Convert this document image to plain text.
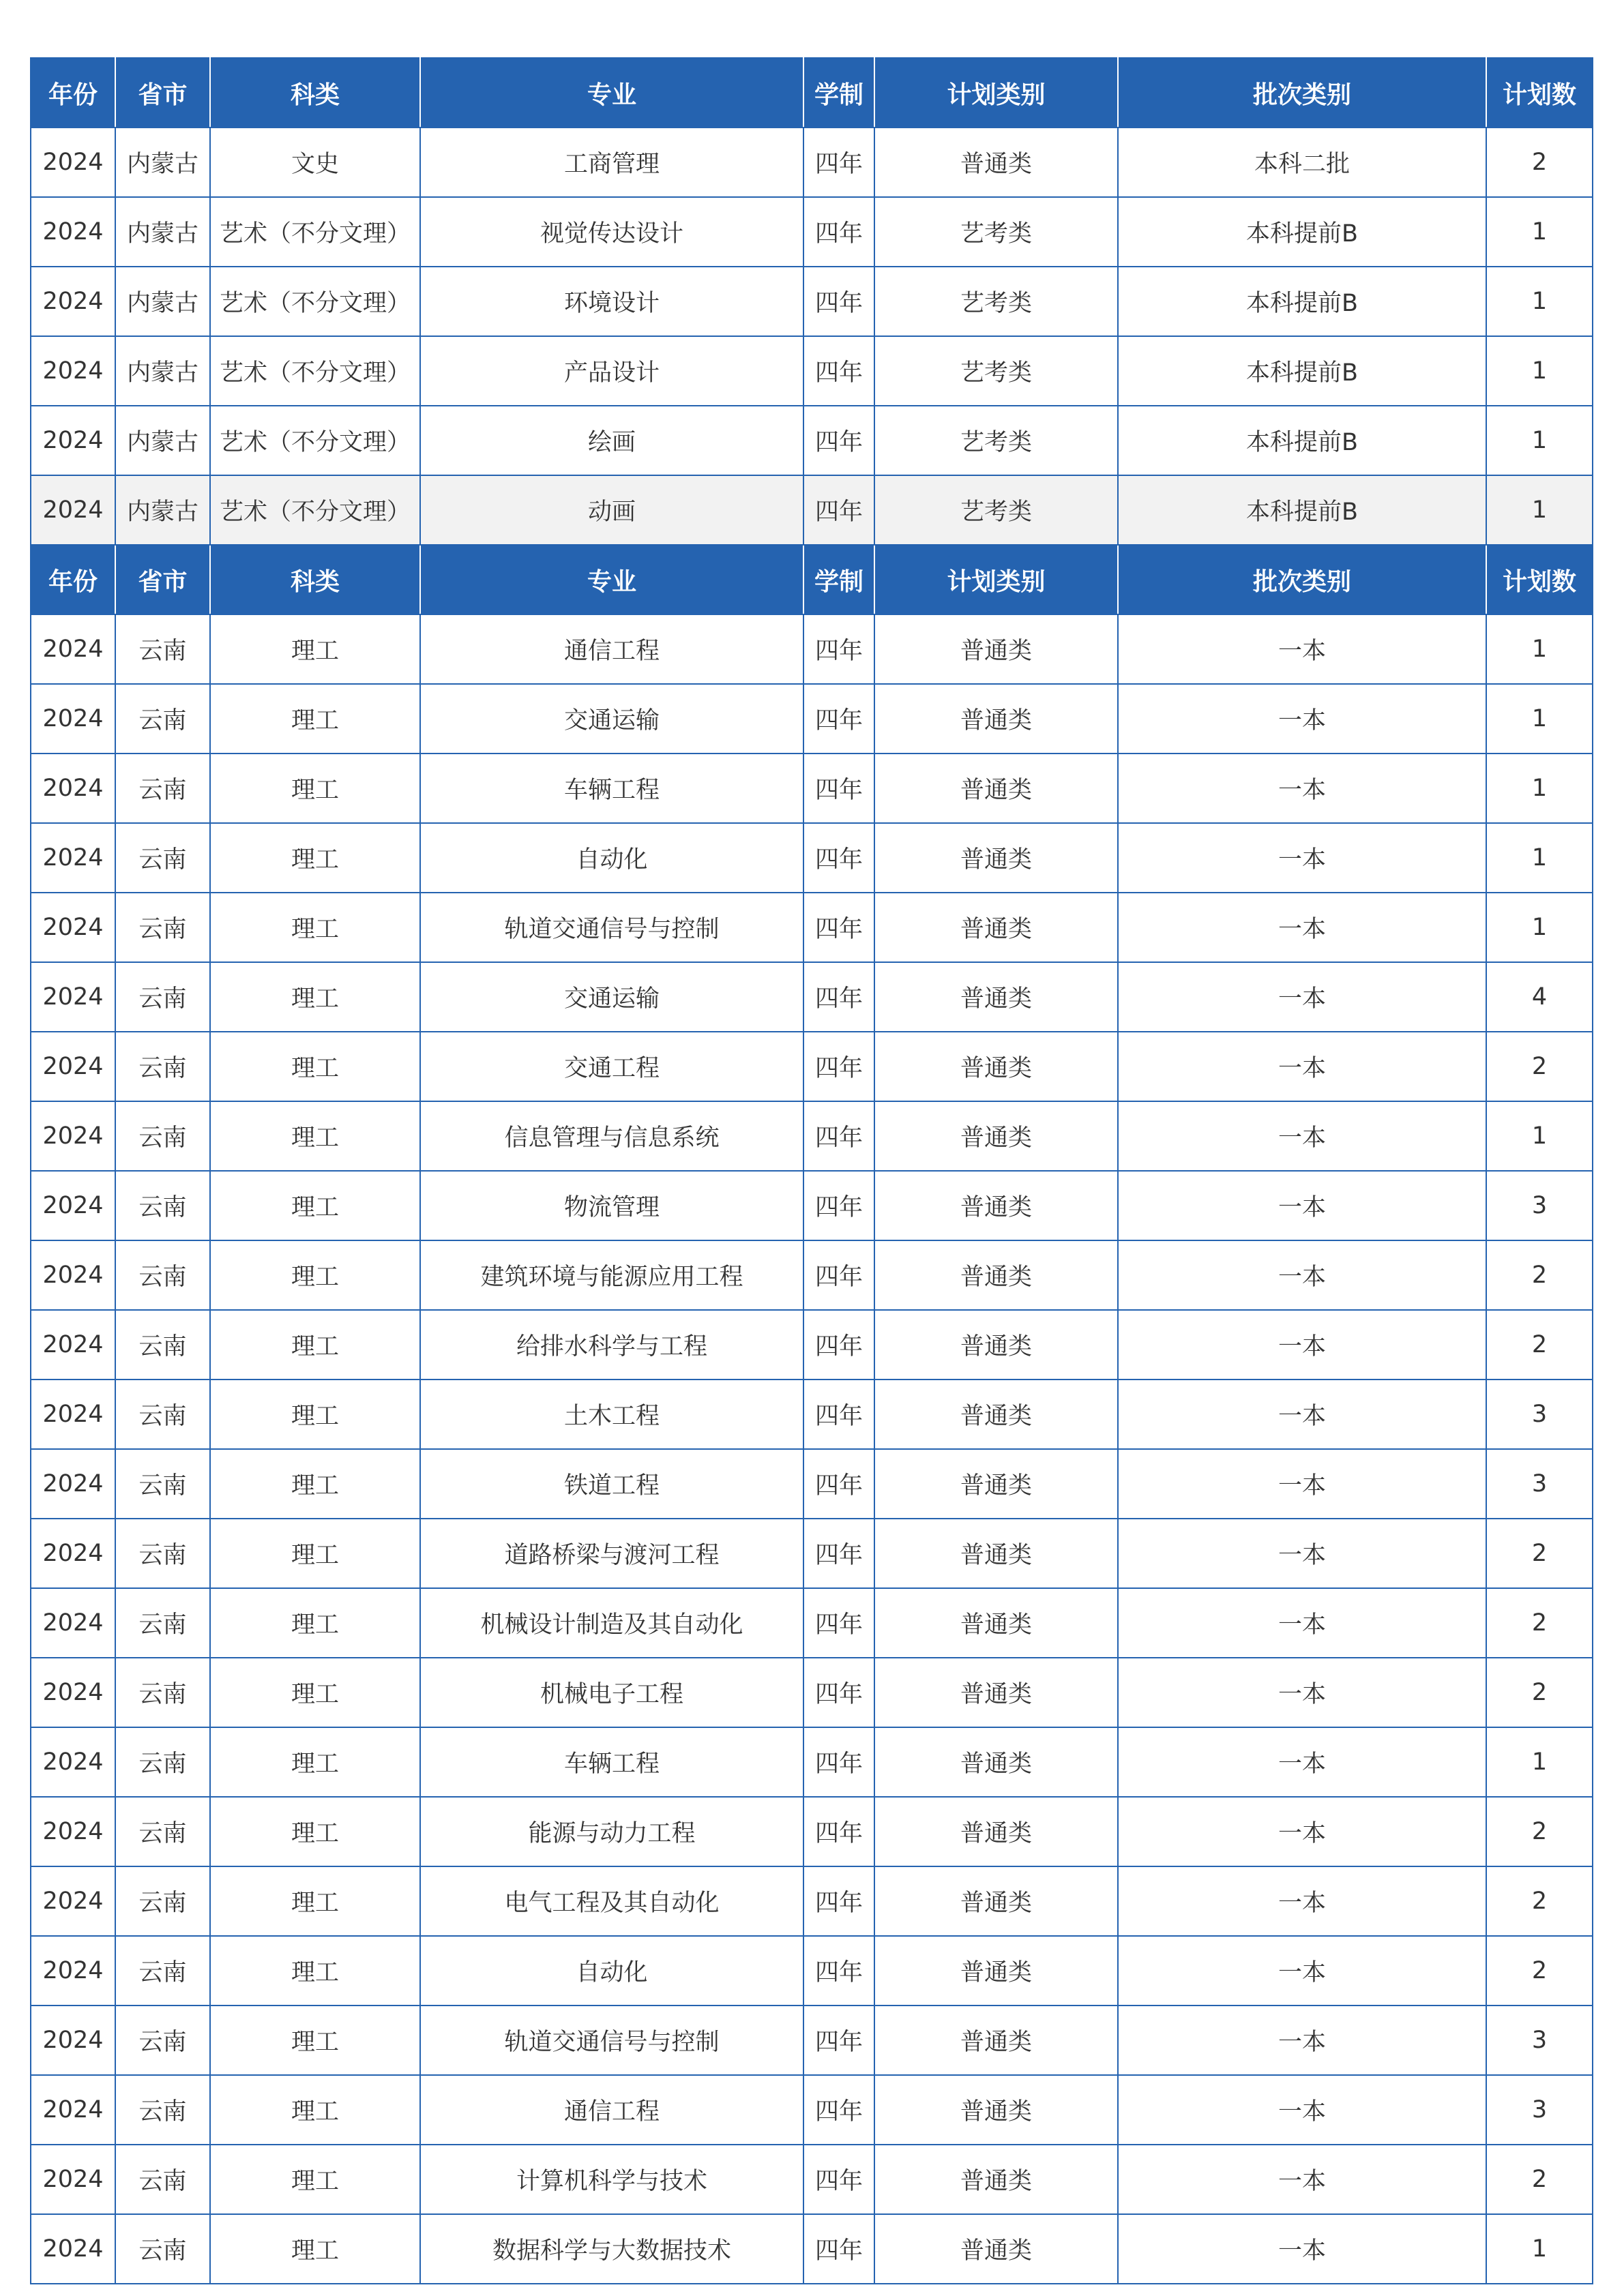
年份	省市	科类	专业	学制	计划类别	批次类别	计划数
2024	内蒙古	文史	工商管理	四年	普通类	本科二批	2
2024	内蒙古	艺术（不分文理）	视觉传达设计	四年	艺考类	本科提前B	1
2024	内蒙古	艺术（不分文理）	环境设计	四年	艺考类	本科提前B	1
2024	内蒙古	艺术（不分文理）	产品设计	四年	艺考类	本科提前B	1
2024	内蒙古	艺术（不分文理）	绘画	四年	艺考类	本科提前B	1
2024	内蒙古	艺术（不分文理）	动画	四年	艺考类	本科提前B	1
年份	省市	科类	专业	学制	计划类别	批次类别	计划数
2024	云南	理工	通信工程	四年	普通类	一本	1
2024	云南	理工	交通运输	四年	普通类	一本	1
2024	云南	理工	车辆工程	四年	普通类	一本	1
2024	云南	理工	自动化	四年	普通类	一本	1
2024	云南	理工	轨道交通信号与控制	四年	普通类	一本	1
2024	云南	理工	交通运输	四年	普通类	一本	4
2024	云南	理工	交通工程	四年	普通类	一本	2
2024	云南	理工	信息管理与信息系统	四年	普通类	一本	1
2024	云南	理工	物流管理	四年	普通类	一本	3
2024	云南	理工	建筑环境与能源应用工程	四年	普通类	一本	2
2024	云南	理工	给排水科学与工程	四年	普通类	一本	2
2024	云南	理工	土木工程	四年	普通类	一本	3
2024	云南	理工	铁道工程	四年	普通类	一本	3
2024	云南	理工	道路桥梁与渡河工程	四年	普通类	一本	2
2024	云南	理工	机械设计制造及其自动化	四年	普通类	一本	2
2024	云南	理工	机械电子工程	四年	普通类	一本	2
2024	云南	理工	车辆工程	四年	普通类	一本	1
2024	云南	理工	能源与动力工程	四年	普通类	一本	2
2024	云南	理工	电气工程及其自动化	四年	普通类	一本	2
2024	云南	理工	自动化	四年	普通类	一本	2
2024	云南	理工	轨道交通信号与控制	四年	普通类	一本	3
2024	云南	理工	通信工程	四年	普通类	一本	3
2024	云南	理工	计算机科学与技术	四年	普通类	一本	2
2024	云南	理工	数据科学与大数据技术	四年	普通类	一本	1
